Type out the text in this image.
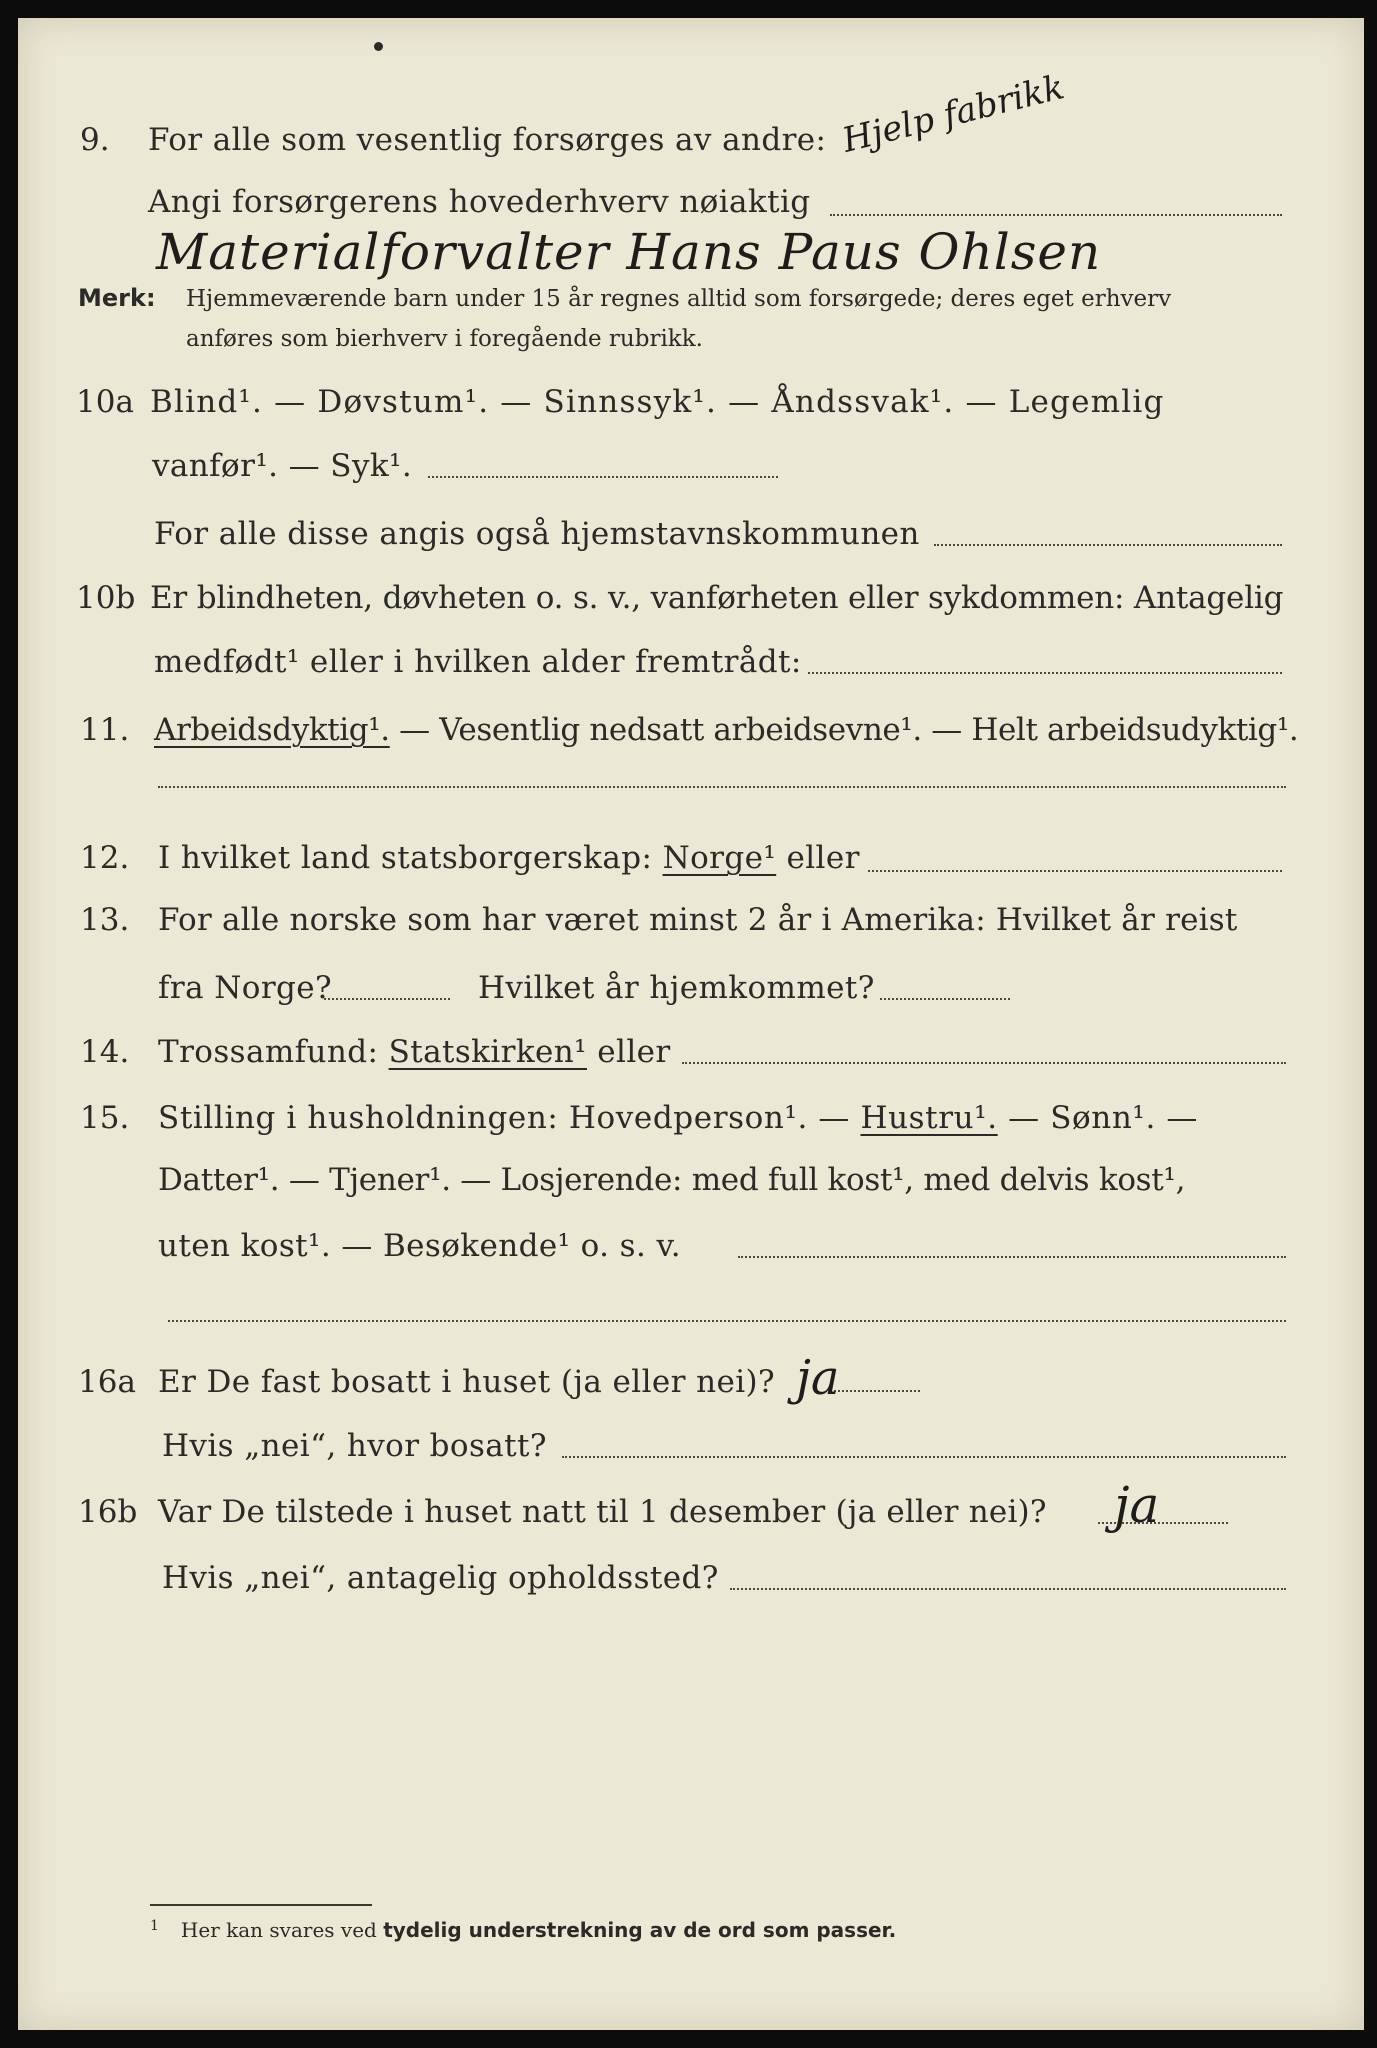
9. For alle som vesentlig forsørges av andre: Hjelp fabrikk
Angi forsørgerens hovederhverv nøiaktig
Materialforvalter Hans Paus Ohlsen
Merk: Hjemmeværende barn under 15 år regnes alltid som forsørgede; deres eget erhverv
anføres som bierhverv i foregående rubrikk.
10a Blind¹. — Døvstum¹. — Sinnssyk¹. — Åndssvak¹. — Legemlig
vanfør¹. — Syk¹.
For alle disse angis også hjemstavnskommunen
10b Er blindheten, døvheten o. s. v., vanførheten eller sykdommen: Antagelig
medfødt¹ eller i hvilken alder fremtrådt:
11. Arbeidsdyktig¹. — Vesentlig nedsatt arbeidsevne¹. — Helt arbeidsudyktig¹.
12. I hvilket land statsborgerskap: Norge¹ eller
13. For alle norske som har været minst 2 år i Amerika: Hvilket år reist
fra Norge?	Hvilket år hjemkommet?
14. Trossamfund: Statskirken¹ eller
15. Stilling i husholdningen: Hovedperson¹. — Hustru¹. — Sønn¹. —
Datter¹. — Tjener¹. — Losjerende: med full kost¹, med delvis kost¹,
uten kost¹. — Besøkende¹ o. s. v.
16a Er De fast bosatt i huset (ja eller nei)? ja
Hvis „nei“, hvor bosatt?
16b Var De tilstede i huset natt til 1 desember (ja eller nei)? ja
Hvis „nei“, antagelig opholdssted?
$^1$ Her kan svares ved tydelig understrekning av de ord som passer.
